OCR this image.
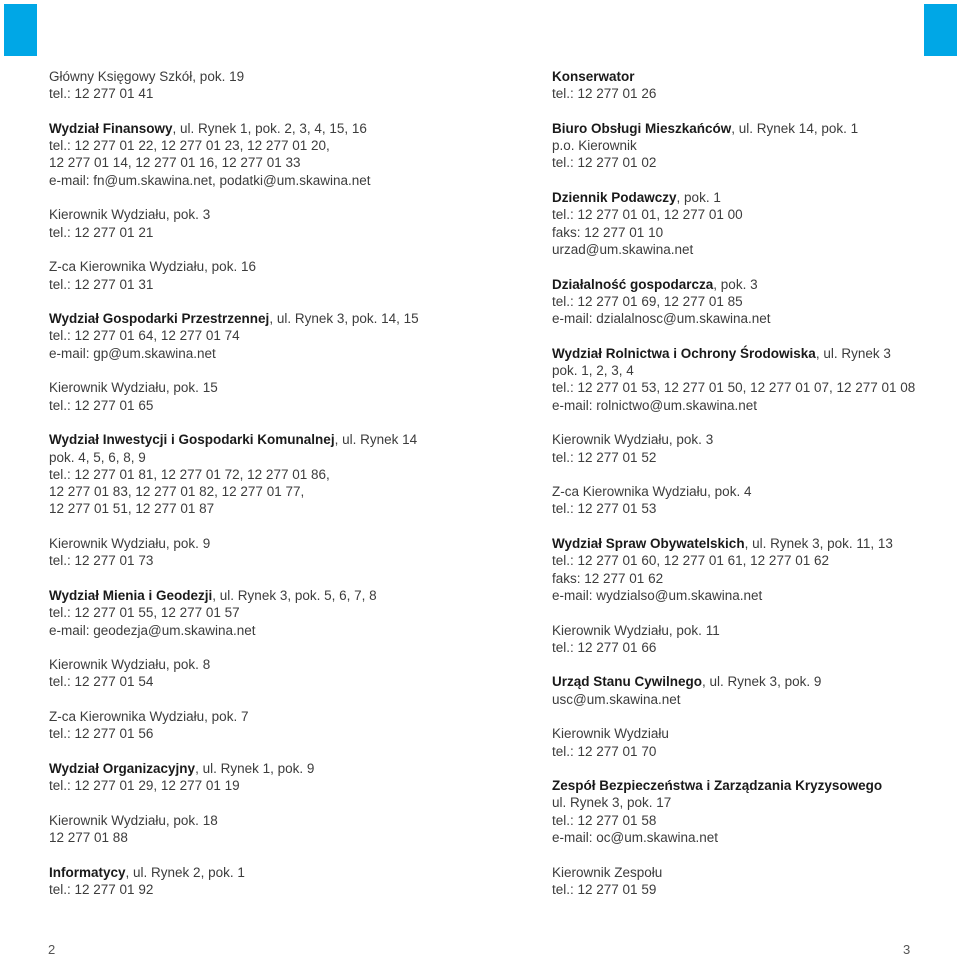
Główny Księgowy Szkół, pok. 19
tel.: 12 277 01 41
Wydział Finansowy, ul. Rynek 1, pok. 2, 3, 4, 15, 16
tel.: 12 277 01 22, 12 277 01 23, 12 277 01 20,
12 277 01 14, 12 277 01 16, 12 277 01 33
e-mail: fn@um.skawina.net, podatki@um.skawina.net
Kierownik Wydziału, pok. 3
tel.: 12 277 01 21
Z-ca Kierownika Wydziału, pok. 16
tel.: 12 277 01 31
Wydział Gospodarki Przestrzennej, ul. Rynek 3, pok. 14, 15
tel.: 12 277 01 64, 12 277 01 74
e-mail: gp@um.skawina.net
Kierownik Wydziału, pok. 15
tel.: 12 277 01 65
Wydział Inwestycji i Gospodarki Komunalnej, ul. Rynek 14
pok. 4, 5, 6, 8, 9
tel.: 12 277 01 81, 12 277 01 72, 12 277 01 86,
12 277 01 83, 12 277 01 82, 12 277 01 77,
12 277 01 51, 12 277 01 87
Kierownik Wydziału, pok. 9
tel.: 12 277 01 73
Wydział Mienia i Geodezji, ul. Rynek 3, pok. 5, 6, 7, 8
tel.: 12 277 01 55, 12 277 01 57
e-mail: geodezja@um.skawina.net
Kierownik Wydziału, pok. 8
tel.: 12 277 01 54
Z-ca Kierownika Wydziału, pok. 7
tel.: 12 277 01 56
Wydział Organizacyjny, ul. Rynek 1, pok. 9
tel.: 12 277 01 29, 12 277 01 19
Kierownik Wydziału, pok. 18
12 277 01 88
Informatycy, ul. Rynek 2, pok. 1
tel.: 12 277 01 92
Konserwator
tel.: 12 277 01 26
Biuro Obsługi Mieszkańców, ul. Rynek 14, pok. 1
p.o. Kierownik
tel.: 12 277 01 02
Dziennik Podawczy, pok. 1
tel.: 12 277 01 01, 12 277 01 00
faks: 12 277 01 10
urzad@um.skawina.net
Działalność gospodarcza, pok. 3
tel.: 12 277 01 69, 12 277 01 85
e-mail: dzialalnosc@um.skawina.net
Wydział Rolnictwa i Ochrony Środowiska, ul. Rynek 3
pok. 1, 2, 3, 4
tel.: 12 277 01 53, 12 277 01 50, 12 277 01 07, 12 277 01 08
e-mail: rolnictwo@um.skawina.net
Kierownik Wydziału, pok. 3
tel.: 12 277 01 52
Z-ca Kierownika Wydziału, pok. 4
tel.: 12 277 01 53
Wydział Spraw Obywatelskich, ul. Rynek 3, pok. 11, 13
tel.: 12 277 01 60, 12 277 01 61, 12 277 01 62
faks: 12 277 01 62
e-mail: wydzialso@um.skawina.net
Kierownik Wydziału, pok. 11
tel.: 12 277 01 66
Urząd Stanu Cywilnego, ul. Rynek 3, pok. 9
usc@um.skawina.net
Kierownik Wydziału
tel.: 12 277 01 70
Zespół Bezpieczeństwa i Zarządzania Kryzysowego
ul. Rynek 3, pok. 17
tel.: 12 277 01 58
e-mail: oc@um.skawina.net
Kierownik Zespołu
tel.: 12 277 01 59
2	3
